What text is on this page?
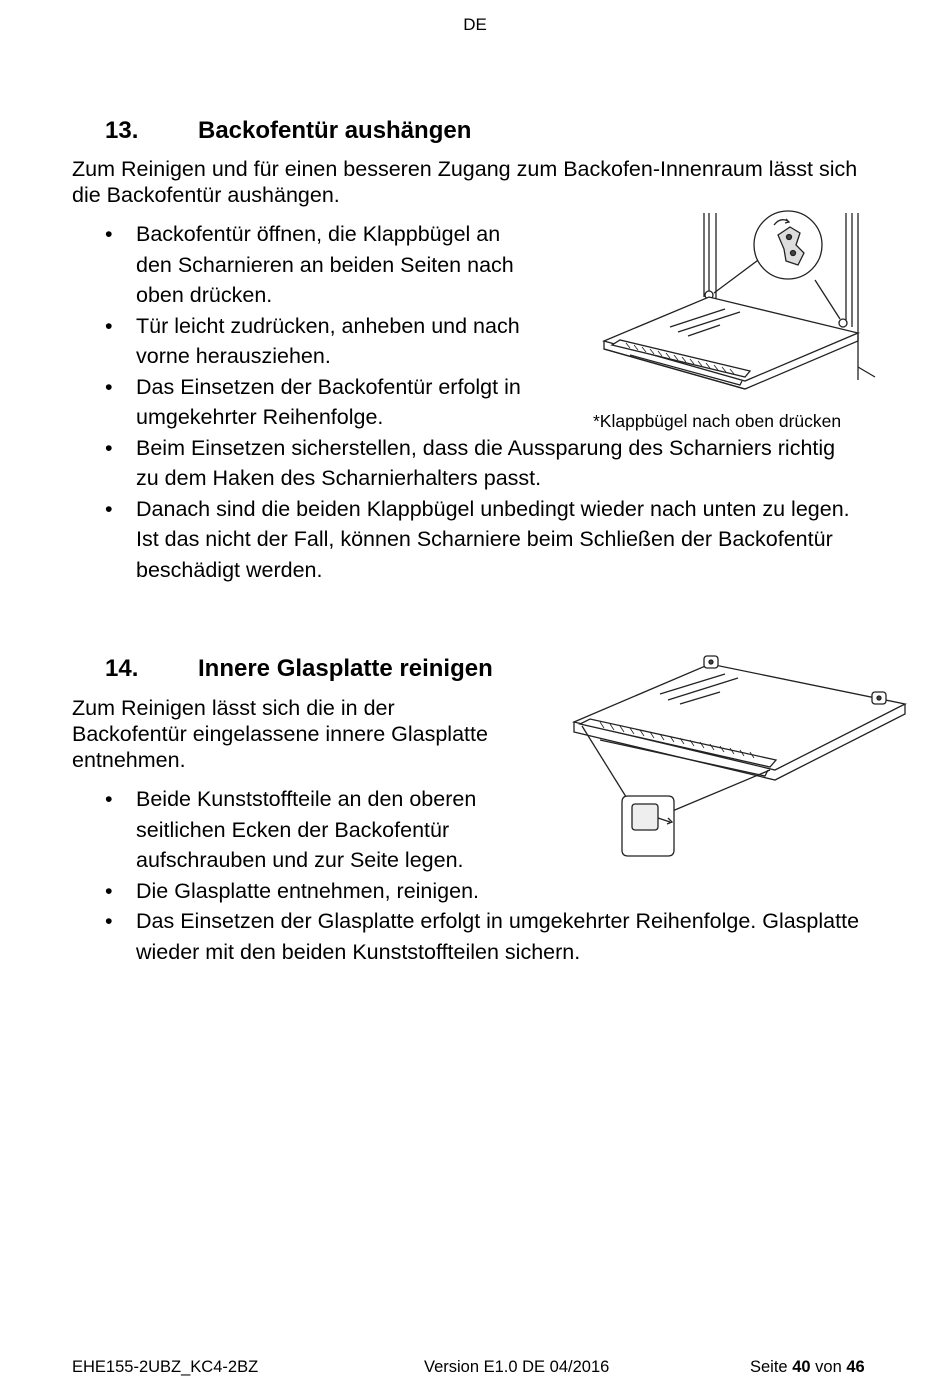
DE
13. Backofentür aushängen
Zum Reinigen und für einen besseren Zugang zum Backofen-Innenraum lässt sich
die Backofentür aushängen.
• Backofentür öffnen, die Klappbügel an
den Scharnieren an beiden Seiten nach
oben drücken.
• Tür leicht zudrücken, anheben und nach
vorne herausziehen.
• Das Einsetzen der Backofentür erfolgt in
umgekehrter Reihenfolge.
• Beim Einsetzen sicherstellen, dass die Aussparung des Scharniers richtig
zu dem Haken des Scharnierhalters passt.
• Danach sind die beiden Klappbügel unbedingt wieder nach unten zu legen.
Ist das nicht der Fall, können Scharniere beim Schließen der Backofentür
beschädigt werden.
*Klappbügel nach oben drücken
14. Innere Glasplatte reinigen
Zum Reinigen lässt sich die in der
Backofentür eingelassene innere Glasplatte
entnehmen.
• Beide Kunststoffteile an den oberen
seitlichen Ecken der Backofentür
aufschrauben und zur Seite legen.
• Die Glasplatte entnehmen, reinigen.
• Das Einsetzen der Glasplatte erfolgt in umgekehrter Reihenfolge. Glasplatte
wieder mit den beiden Kunststoffteilen sichern.
EHE155-2UBZ_KC4-2BZ	Version E1.0 DE 04/2016	Seite 40 von 46
